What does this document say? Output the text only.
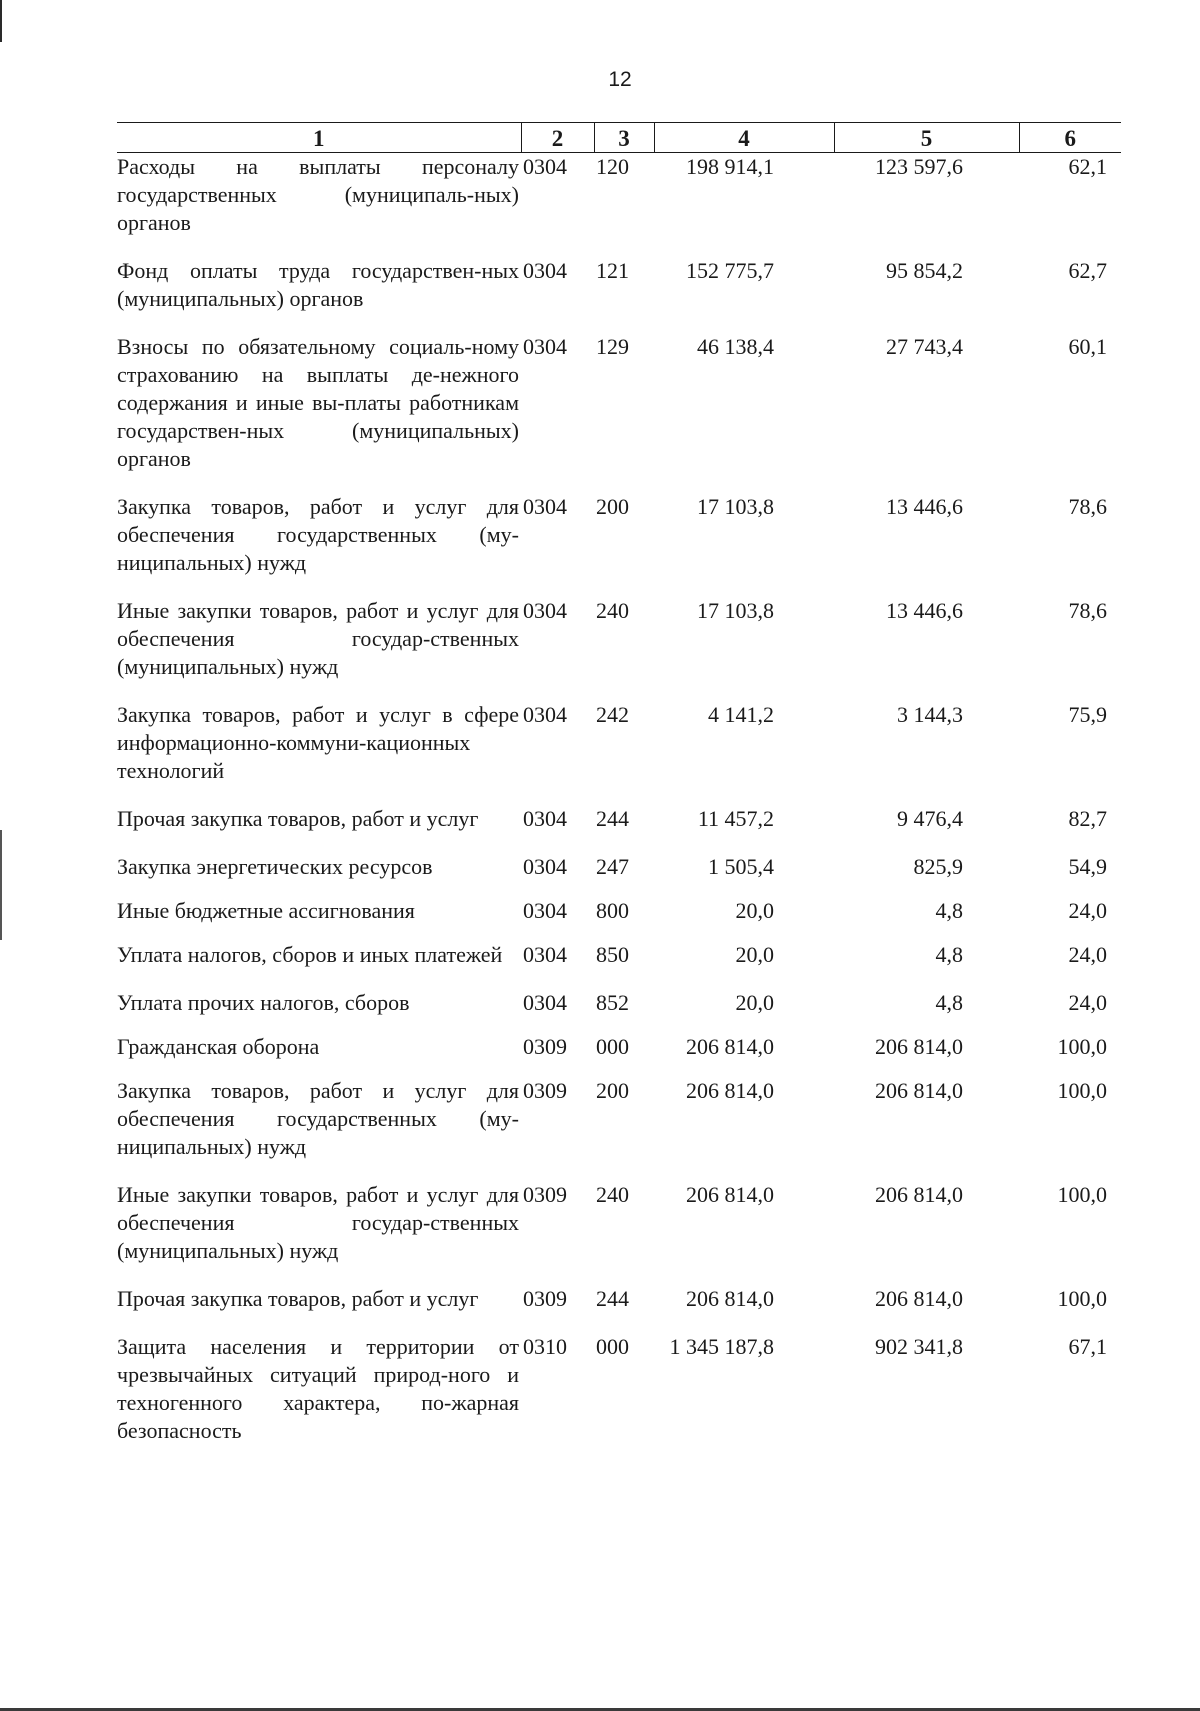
12
1	2	3	4	5	6
Расходы на выплаты персоналу государственных (муниципаль-ных) органов	0304	120	198 914,1	123 597,6	62,1
Фонд оплаты труда государствен-ных (муниципальных) органов	0304	121	152 775,7	95 854,2	62,7
Взносы по обязательному социаль-ному страхованию на выплаты де-нежного содержания и иные вы-платы работникам государствен-ных (муниципальных) органов	0304	129	46 138,4	27 743,4	60,1
Закупка товаров, работ и услуг для обеспечения государственных (му-ниципальных) нужд	0304	200	17 103,8	13 446,6	78,6
Иные закупки товаров, работ и услуг для обеспечения государ-ственных (муниципальных) нужд	0304	240	17 103,8	13 446,6	78,6
Закупка товаров, работ и услуг в сфере информационно-коммуни-кационных технологий	0304	242	4 141,2	3 144,3	75,9
Прочая закупка товаров, работ и услуг	0304	244	11 457,2	9 476,4	82,7
Закупка энергетических ресурсов	0304	247	1 505,4	825,9	54,9
Иные бюджетные ассигнования	0304	800	20,0	4,8	24,0
Уплата налогов, сборов и иных платежей	0304	850	20,0	4,8	24,0
Уплата прочих налогов, сборов	0304	852	20,0	4,8	24,0
Гражданская оборона	0309	000	206 814,0	206 814,0	100,0
Закупка товаров, работ и услуг для обеспечения государственных (му-ниципальных) нужд	0309	200	206 814,0	206 814,0	100,0
Иные закупки товаров, работ и услуг для обеспечения государ-ственных (муниципальных) нужд	0309	240	206 814,0	206 814,0	100,0
Прочая закупка товаров, работ и услуг	0309	244	206 814,0	206 814,0	100,0
Защита населения и территории от чрезвычайных ситуаций природ-ного и техногенного характера, по-жарная безопасность	0310	000	1 345 187,8	902 341,8	67,1
